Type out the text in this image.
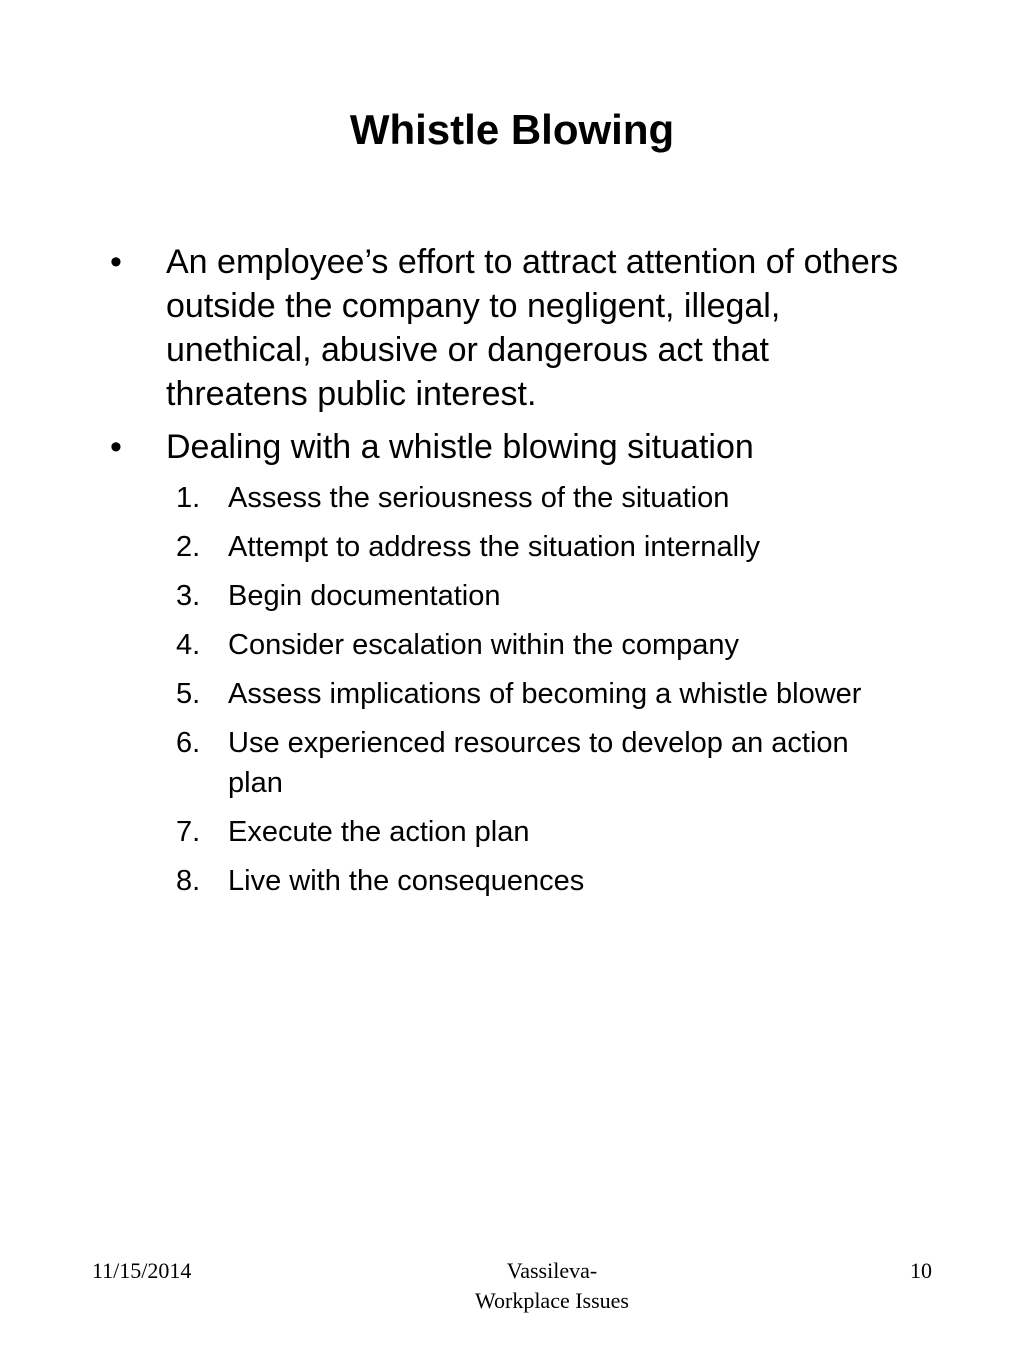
Whistle Blowing
•	An employee’s effort to attract attention of others outside the company to negligent, illegal, unethical, abusive or dangerous act that threatens public interest.
•	Dealing with a whistle blowing situation
1. Assess the seriousness of the situation
2. Attempt to address the situation internally
3. Begin documentation
4. Consider escalation within the company
5. Assess implications of becoming a whistle blower
6. Use experienced resources to develop an action plan
7. Execute the action plan
8. Live with the consequences
11/15/2014	Vassileva-
Workplace Issues
10
